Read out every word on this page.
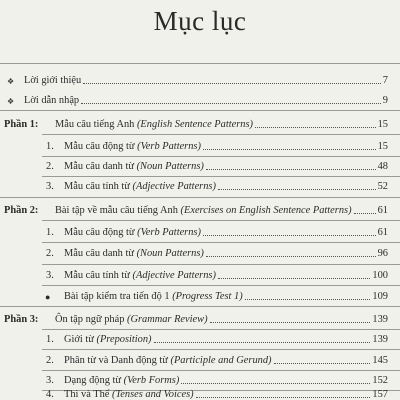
Mục lục
❖ Lời giới thiệu	7
❖ Lời dẫn nhập	9
Phần 1: Mẫu câu tiếng Anh (English Sentence Patterns)	15
1. Mẫu câu động từ (Verb Patterns)	15
2. Mẫu câu danh từ (Noun Patterns)	48
3. Mẫu câu tính từ (Adjective Patterns)	52
Phần 2: Bài tập về mẫu câu tiếng Anh (Exercises on English Sentence Patterns)	61
1. Mẫu câu động từ (Verb Patterns)	61
2. Mẫu câu danh từ (Noun Patterns)	96
3. Mẫu câu tính từ (Adjective Patterns)	100
● Bài tập kiểm tra tiến độ 1 (Progress Test 1)	109
Phần 3: Ôn tập ngữ pháp (Grammar Review)	139
1. Giới từ (Preposition)	139
2. Phân từ và Danh động từ (Participle and Gerund)	145
3. Dạng động từ (Verb Forms)	152
4. Thì và Thể (Tenses and Voices)	157
